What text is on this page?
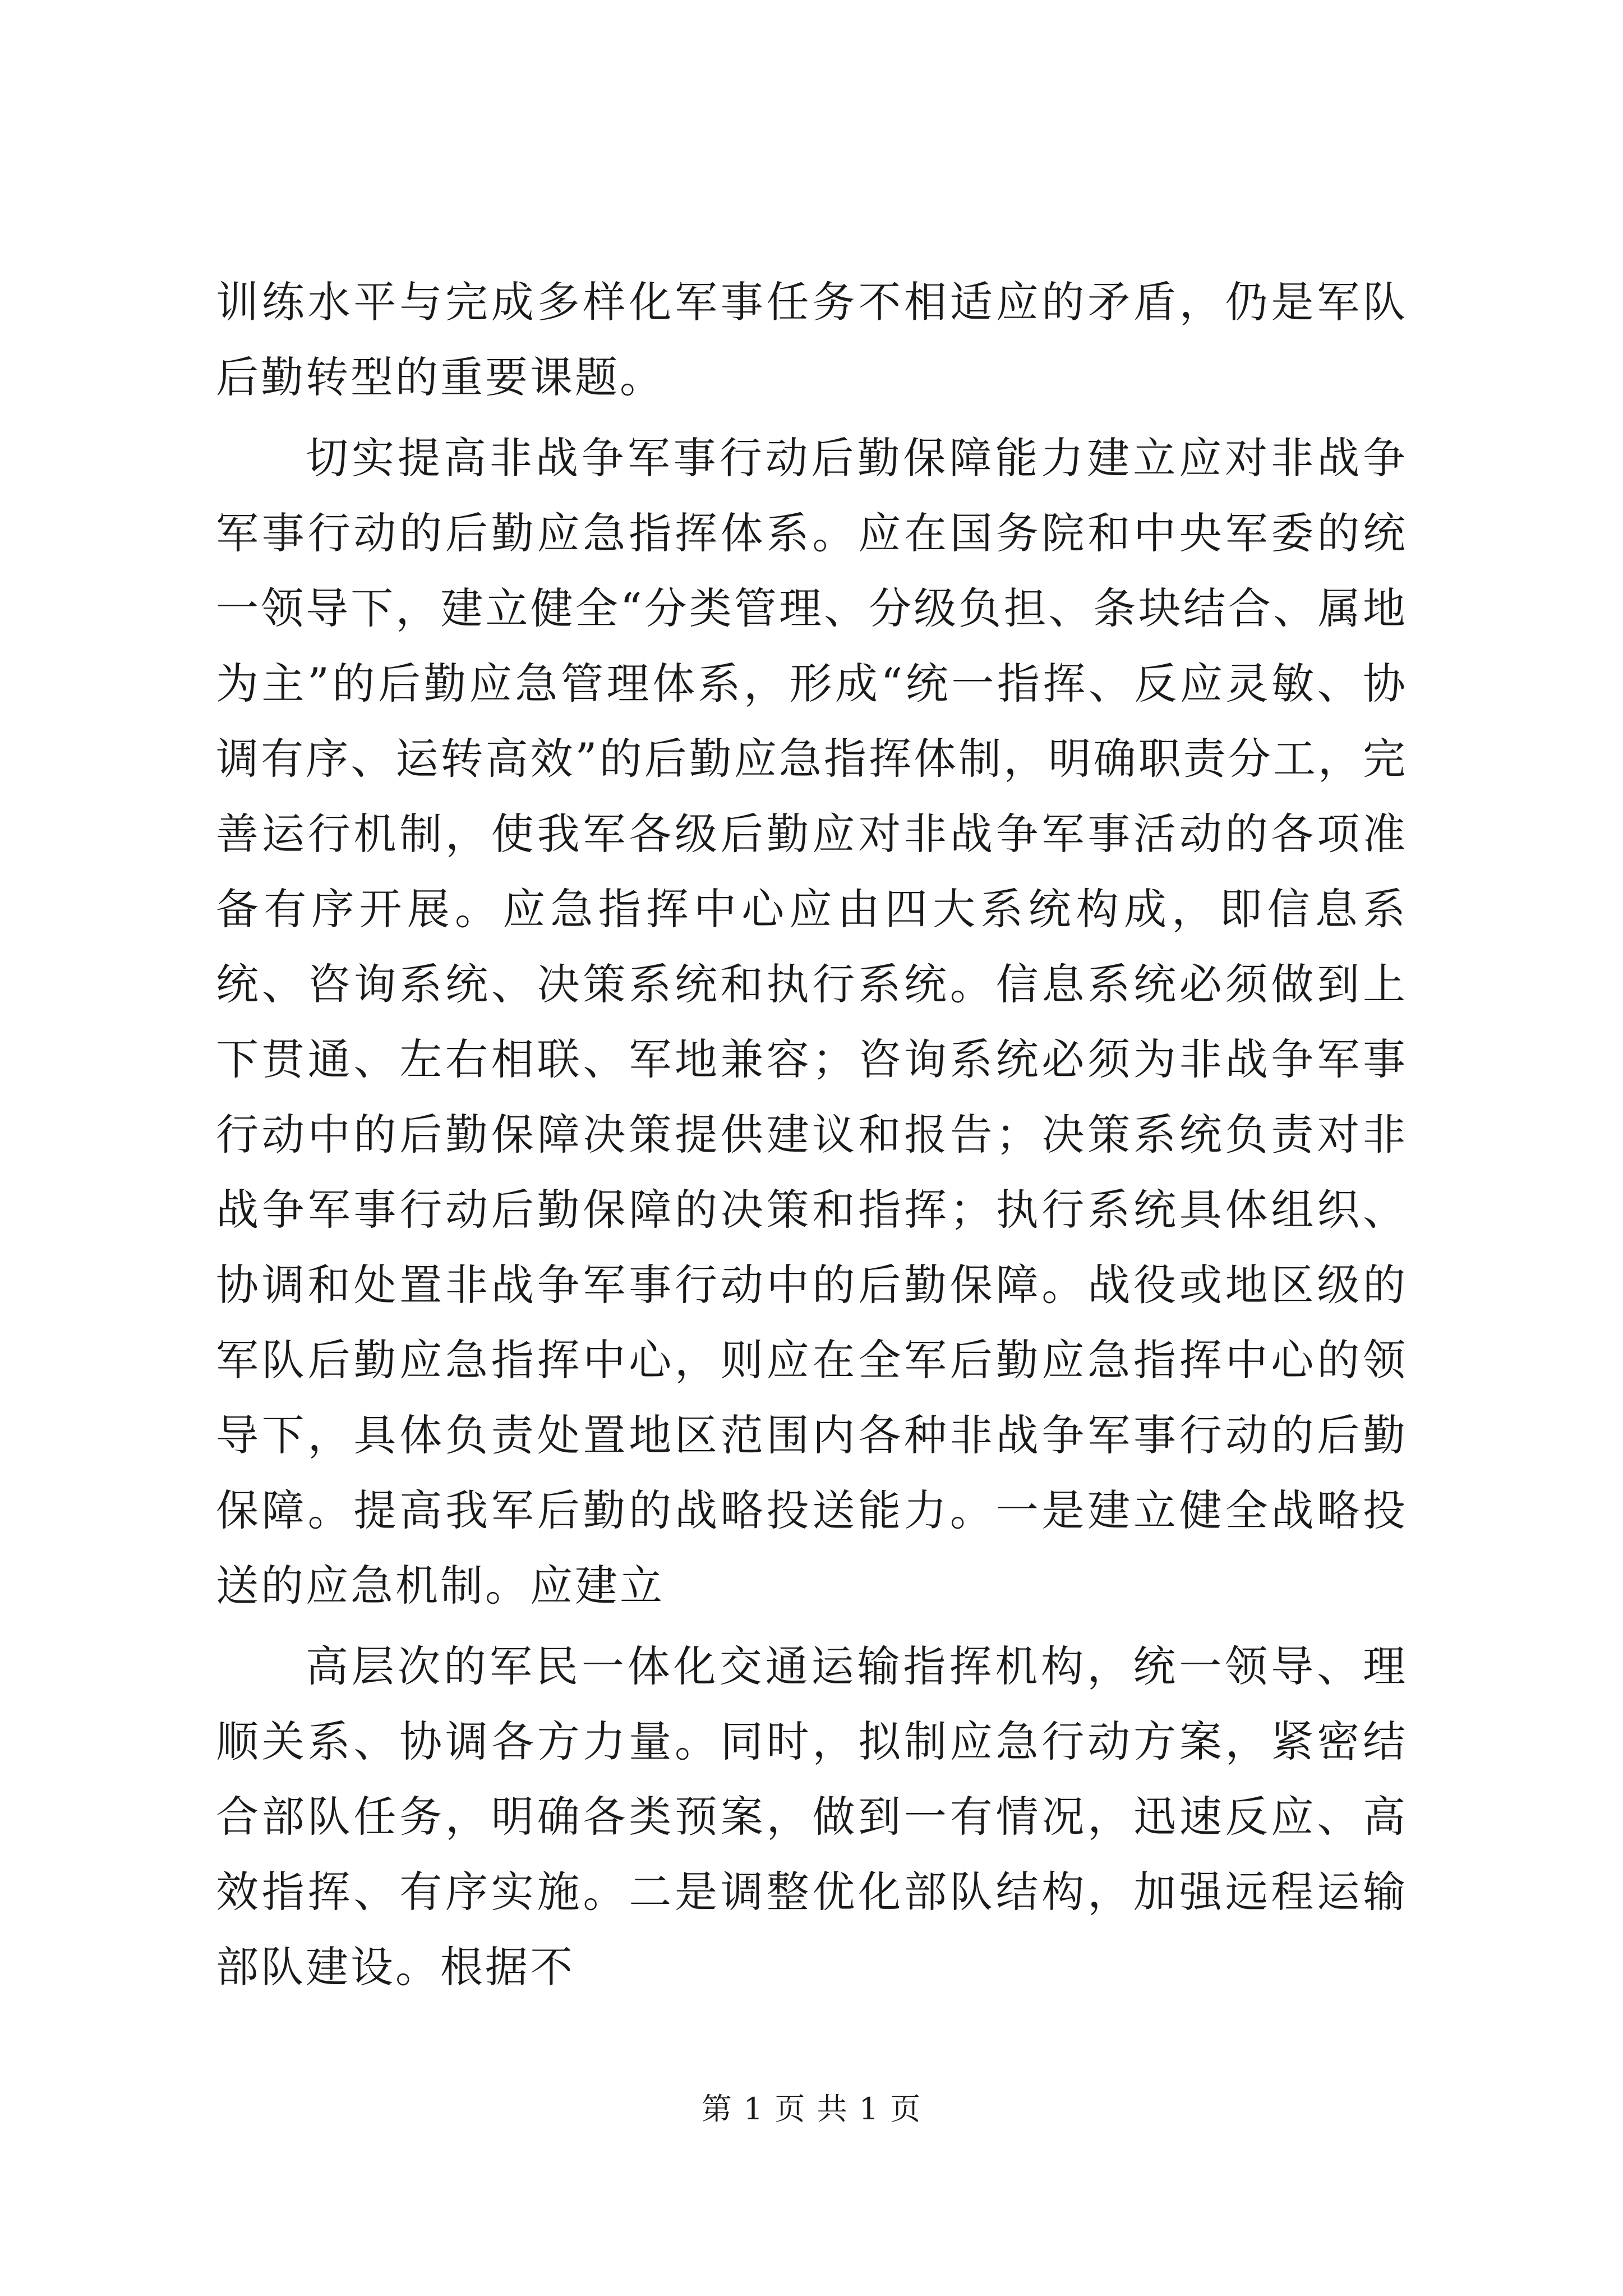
训练水平与完成多样化军事任务不相适应的矛盾，仍是军队后勤转型的重要课题。

切实提高非战争军事行动后勤保障能力建立应对非战争军事行动的后勤应急指挥体系。应在国务院和中央军委的统一领导下，建立健全“分类管理、分级负担、条块结合、属地为主”的后勤应急管理体系，形成“统一指挥、反应灵敏、协调有序、运转高效”的后勤应急指挥体制，明确职责分工，完善运行机制，使我军各级后勤应对非战争军事活动的各项准备有序开展。应急指挥中心应由四大系统构成，即信息系统、咨询系统、决策系统和执行系统。信息系统必须做到上下贯通、左右相联、军地兼容；咨询系统必须为非战争军事行动中的后勤保障决策提供建议和报告；决策系统负责对非战争军事行动后勤保障的决策和指挥；执行系统具体组织、协调和处置非战争军事行动中的后勤保障。战役或地区级的军队后勤应急指挥中心，则应在全军后勤应急指挥中心的领导下，具体负责处置地区范围内各种非战争军事行动的后勤保障。提高我军后勤的战略投送能力。一是建立健全战略投送的应急机制。应建立

高层次的军民一体化交通运输指挥机构，统一领导、理顺关系、协调各方力量。同时，拟制应急行动方案，紧密结合部队任务，明确各类预案，做到一有情况，迅速反应、高效指挥、有序实施。二是调整优化部队结构，加强远程运输部队建设。根据不

第 1 页 共 1 页
